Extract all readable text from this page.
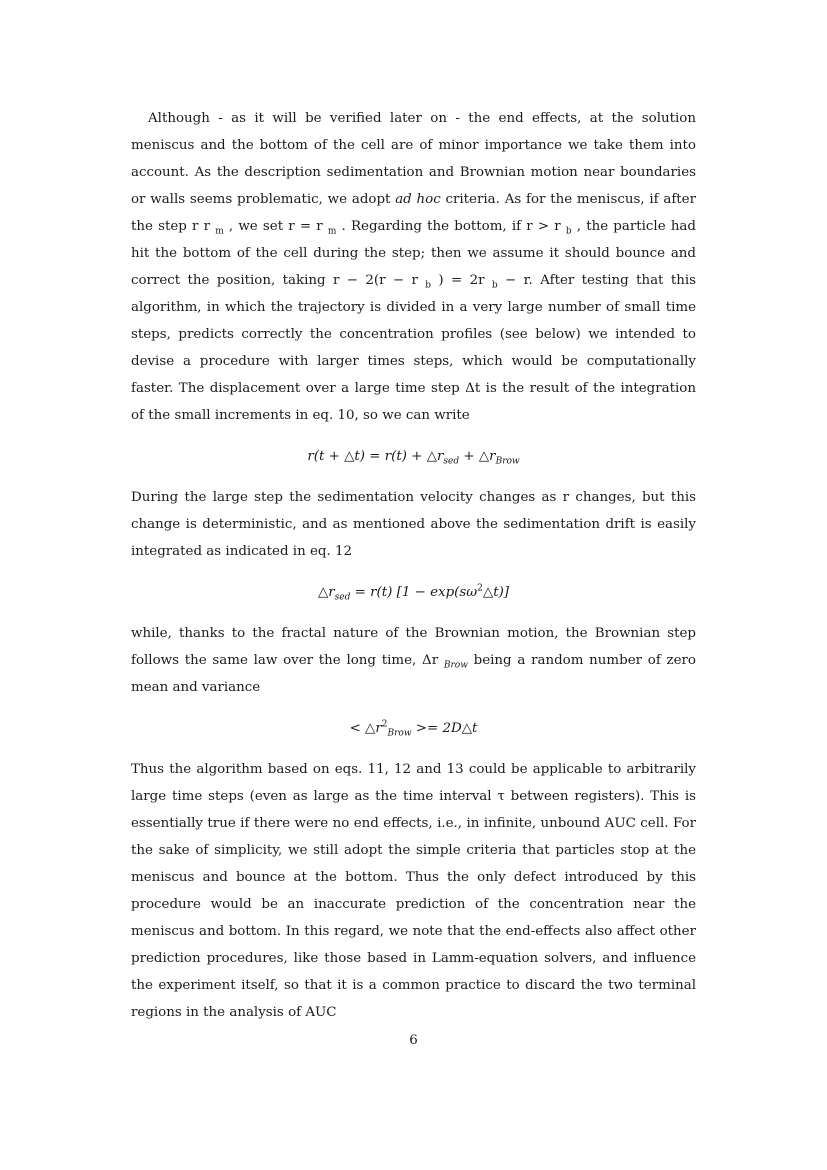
Although - as it will be verified later on - the end effects, at the solution meniscus and the bottom of the cell are of minor importance we take them into account. As the description sedimentation and Brownian motion near boundaries or walls seems problematic, we adopt ad hoc criteria. As for the meniscus, if after the step r r $_m$ , we set r = r $_m$ . Regarding the bottom, if r > r $_b$ , the particle had hit the bottom of the cell during the step; then we assume it should bounce and correct the position, taking r − 2(r − r $_b$ ) = 2r $_b$ − r. After testing that this algorithm, in which the trajectory is divided in a very large number of small time steps, predicts correctly the concentration profiles (see below) we intended to devise a procedure with larger times steps, which would be computationally faster. The displacement over a large time step Δt is the result of the integration of the small increments in eq. 10, so we can write

r(t + △t) = $r(t) + \triangle r_{sed}$ + $\triangle r_{Brow}$

During the large step the sedimentation velocity changes as r changes, but this change is deterministic, and as mentioned above the sedimentation drift is easily integrated as indicated in eq. 12

$\triangle r_{sed} = r(t) [1$ − $\exp(s\omega^2\triangle t)$]

while, thanks to the fractal nature of the Brownian motion, the Brownian step follows the same law over the long time, Δr $_{Brow}$ being a random number of zero mean and variance

< $\triangle r^2_{Brow}$ >= 2D△t

Thus the algorithm based on eqs. 11, 12 and 13 could be applicable to arbitrarily large time steps (even as large as the time interval τ between registers). This is essentially true if there were no end effects, i.e., in infinite, unbound AUC cell. For the sake of simplicity, we still adopt the simple criteria that particles stop at the meniscus and bounce at the bottom. Thus the only defect introduced by this procedure would be an inaccurate prediction of the concentration near the meniscus and bottom. In this regard, we note that the end-effects also affect other prediction procedures, like those based in Lamm-equation solvers, and influence the experiment itself, so that it is a common practice to discard the two terminal regions in the analysis of AUC

6
